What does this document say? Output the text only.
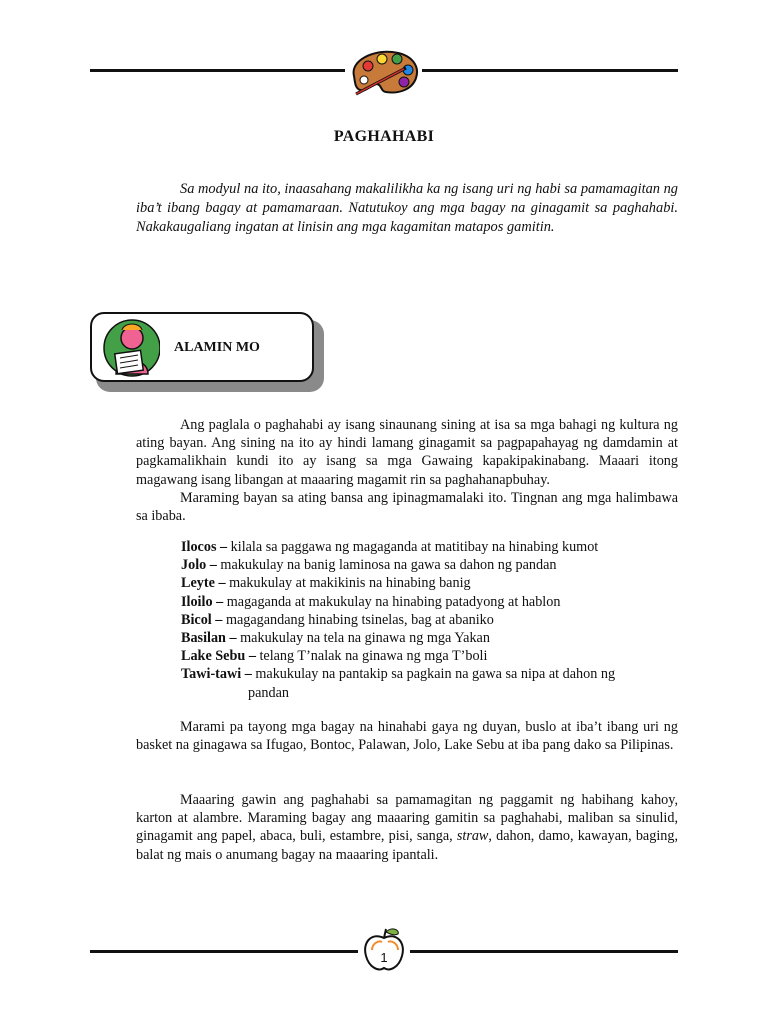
PAGHAHABI

Sa modyul na ito, inaasahang makalilikha ka ng isang uri ng habi sa pamamagitan ng iba’t ibang bagay at pamamaraan. Natutukoy ang mga bagay na ginagamit sa paghahabi. Nakakaugaliang ingatan at linisin ang mga kagamitan matapos gamitin.

ALAMIN MO

Ang paglala o paghahabi ay isang sinaunang sining at isa sa mga bahagi ng kultura ng ating bayan. Ang sining na ito ay hindi lamang ginagamit sa pagpapahayag ng damdamin at pagkamalikhain kundi ito ay isang sa mga Gawaing kapakipakinabang. Maaari itong magawang isang libangan at maaaring magamit rin sa paghahanapbuhay.

Maraming bayan sa ating bansa ang ipinagmamalaki ito. Tingnan ang mga halimbawa sa ibaba.

Ilocos – kilala sa paggawa ng magaganda at matitibay na hinabing kumot
Jolo – makukulay na banig laminosa na gawa sa dahon ng pandan
Leyte – makukulay at makikinis na hinabing banig
Iloilo – magaganda at makukulay na hinabing patadyong at hablon
Bicol – magagandang hinabing tsinelas, bag at abaniko
Basilan – makukulay na tela na ginawa ng mga Yakan
Lake Sebu – telang T’nalak na ginawa ng mga T’boli
Tawi-tawi – makukulay na pantakip sa pagkain na gawa sa nipa at dahon ng
pandan

Marami pa tayong mga bagay na hinahabi gaya ng duyan, buslo at iba’t ibang uri ng basket na ginagawa sa Ifugao, Bontoc, Palawan, Jolo, Lake Sebu at iba pang dako sa Pilipinas.

Maaaring gawin ang paghahabi sa pamamagitan ng paggamit ng habihang kahoy, karton at alambre. Maraming bagay ang maaaring gamitin sa paghahabi, maliban sa sinulid, ginagamit ang papel, abaca, buli, estambre, pisi, sanga, straw, dahon, damo, kawayan, baging, balat ng mais o anumang bagay na maaaring ipantali.

1
